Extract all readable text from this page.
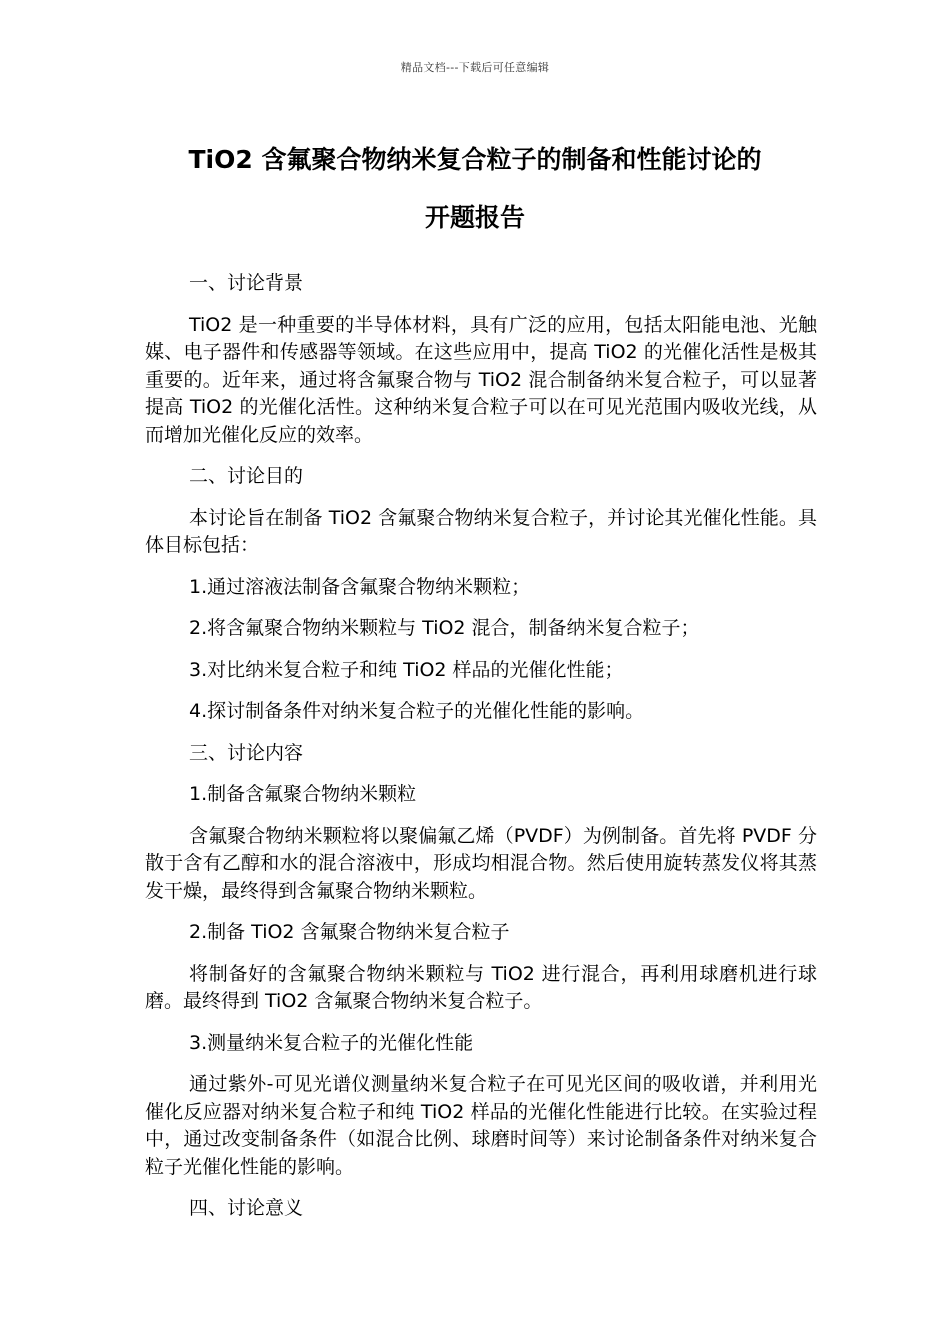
精品文档---下载后可任意编辑
TiO2 含氟聚合物纳米复合粒子的制备和性能讨论的
开题报告

一、讨论背景

TiO2 是一种重要的半导体材料，具有广泛的应用，包括太阳能电池、光触媒、电子器件和传感器等领域。在这些应用中，提高 TiO2 的光催化活性是极其重要的。近年来，通过将含氟聚合物与 TiO2 混合制备纳米复合粒子，可以显著提高 TiO2 的光催化活性。这种纳米复合粒子可以在可见光范围内吸收光线，从而增加光催化反应的效率。

二、讨论目的

本讨论旨在制备 TiO2 含氟聚合物纳米复合粒子，并讨论其光催化性能。具体目标包括：

1.通过溶液法制备含氟聚合物纳米颗粒；

2.将含氟聚合物纳米颗粒与 TiO2 混合，制备纳米复合粒子；

3.对比纳米复合粒子和纯 TiO2 样品的光催化性能；

4.探讨制备条件对纳米复合粒子的光催化性能的影响。

三、讨论内容

1.制备含氟聚合物纳米颗粒

含氟聚合物纳米颗粒将以聚偏氟乙烯（PVDF）为例制备。首先将 PVDF 分散于含有乙醇和水的混合溶液中，形成均相混合物。然后使用旋转蒸发仪将其蒸发干燥，最终得到含氟聚合物纳米颗粒。

2.制备 TiO2 含氟聚合物纳米复合粒子

将制备好的含氟聚合物纳米颗粒与 TiO2 进行混合，再利用球磨机进行球磨。最终得到 TiO2 含氟聚合物纳米复合粒子。

3.测量纳米复合粒子的光催化性能

通过紫外-可见光谱仪测量纳米复合粒子在可见光区间的吸收谱，并利用光催化反应器对纳米复合粒子和纯 TiO2 样品的光催化性能进行比较。在实验过程中，通过改变制备条件（如混合比例、球磨时间等）来讨论制备条件对纳米复合粒子光催化性能的影响。

四、讨论意义
